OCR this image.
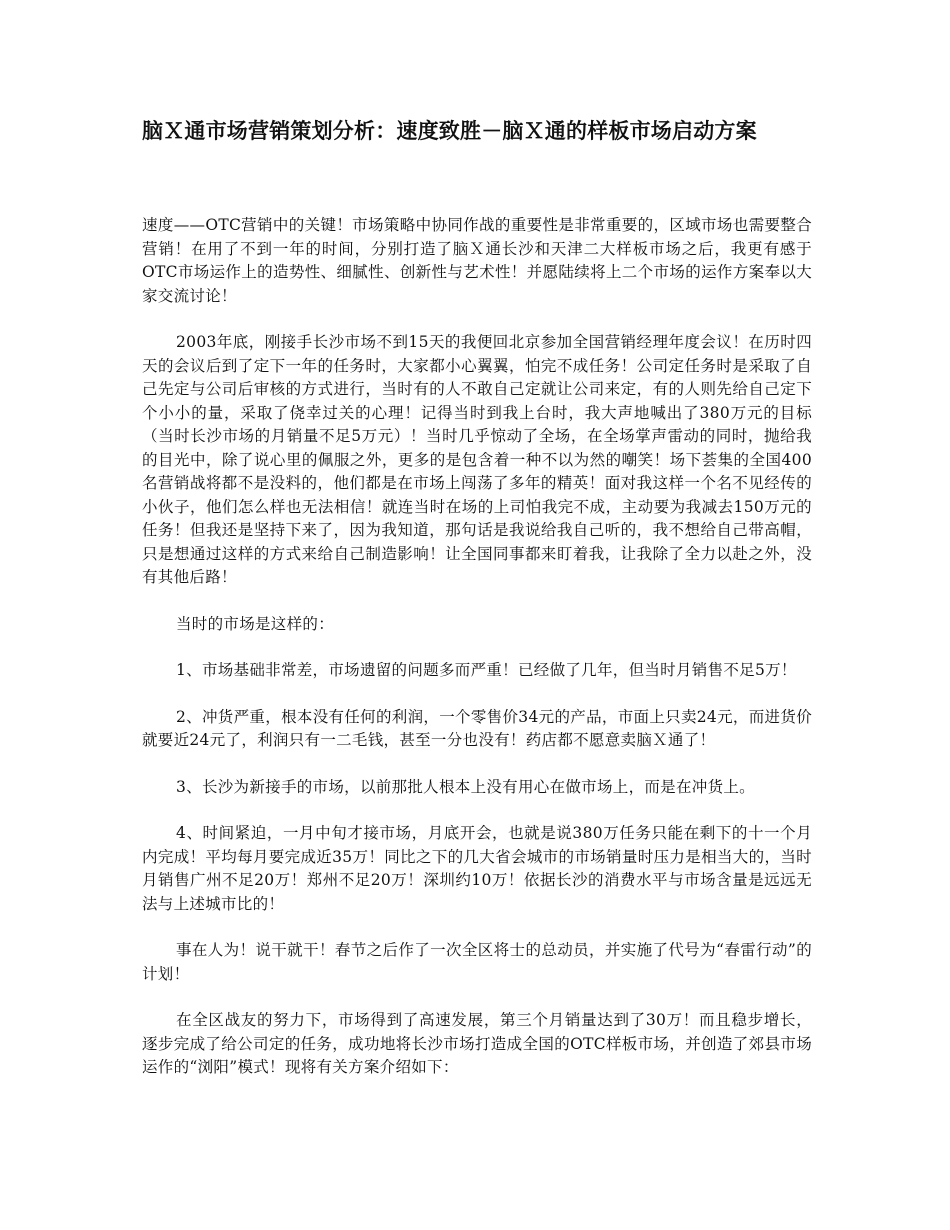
脑Ｘ通市场营销策划分析：速度致胜－脑Ｘ通的样板市场启动方案

速度——OTC营销中的关键！市场策略中协同作战的重要性是非常重要的，区域市场也需要整合营销！在用了不到一年的时间，分别打造了脑Ｘ通长沙和天津二大样板市场之后，我更有感于OTC市场运作上的造势性、细腻性、创新性与艺术性！并愿陆续将上二个市场的运作方案奉以大家交流讨论！

2003年底，刚接手长沙市场不到15天的我便回北京参加全国营销经理年度会议！在历时四天的会议后到了定下一年的任务时，大家都小心翼翼，怕完不成任务！公司定任务时是采取了自己先定与公司后审核的方式进行，当时有的人不敢自己定就让公司来定，有的人则先给自己定下个小小的量，采取了侥幸过关的心理！记得当时到我上台时，我大声地喊出了380万元的目标（当时长沙市场的月销量不足5万元）！当时几乎惊动了全场，在全场掌声雷动的同时，抛给我的目光中，除了说心里的佩服之外，更多的是包含着一种不以为然的嘲笑！场下荟集的全国400名营销战将都不是没料的，他们都是在市场上闯荡了多年的精英！面对我这样一个名不见经传的小伙子，他们怎么样也无法相信！就连当时在场的上司怕我完不成，主动要为我减去150万元的任务！但我还是坚持下来了，因为我知道，那句话是我说给我自己听的，我不想给自己带高帽，只是想通过这样的方式来给自己制造影响！让全国同事都来盯着我，让我除了全力以赴之外，没有其他后路！

当时的市场是这样的：

1、市场基础非常差，市场遗留的问题多而严重！已经做了几年，但当时月销售不足5万！

2、冲货严重，根本没有任何的利润，一个零售价34元的产品，市面上只卖24元，而进货价就要近24元了，利润只有一二毛钱，甚至一分也没有！药店都不愿意卖脑Ｘ通了！

3、长沙为新接手的市场，以前那批人根本上没有用心在做市场上，而是在冲货上。

4、时间紧迫，一月中旬才接市场，月底开会，也就是说380万任务只能在剩下的十一个月内完成！平均每月要完成近35万！同比之下的几大省会城市的市场销量时压力是相当大的，当时月销售广州不足20万！郑州不足20万！深圳约10万！依据长沙的消费水平与市场含量是远远无法与上述城市比的！

事在人为！说干就干！春节之后作了一次全区将士的总动员，并实施了代号为“春雷行动”的计划！

在全区战友的努力下，市场得到了高速发展，第三个月销量达到了30万！而且稳步增长，逐步完成了给公司定的任务，成功地将长沙市场打造成全国的OTC样板市场，并创造了郊县市场运作的“浏阳”模式！现将有关方案介绍如下：
